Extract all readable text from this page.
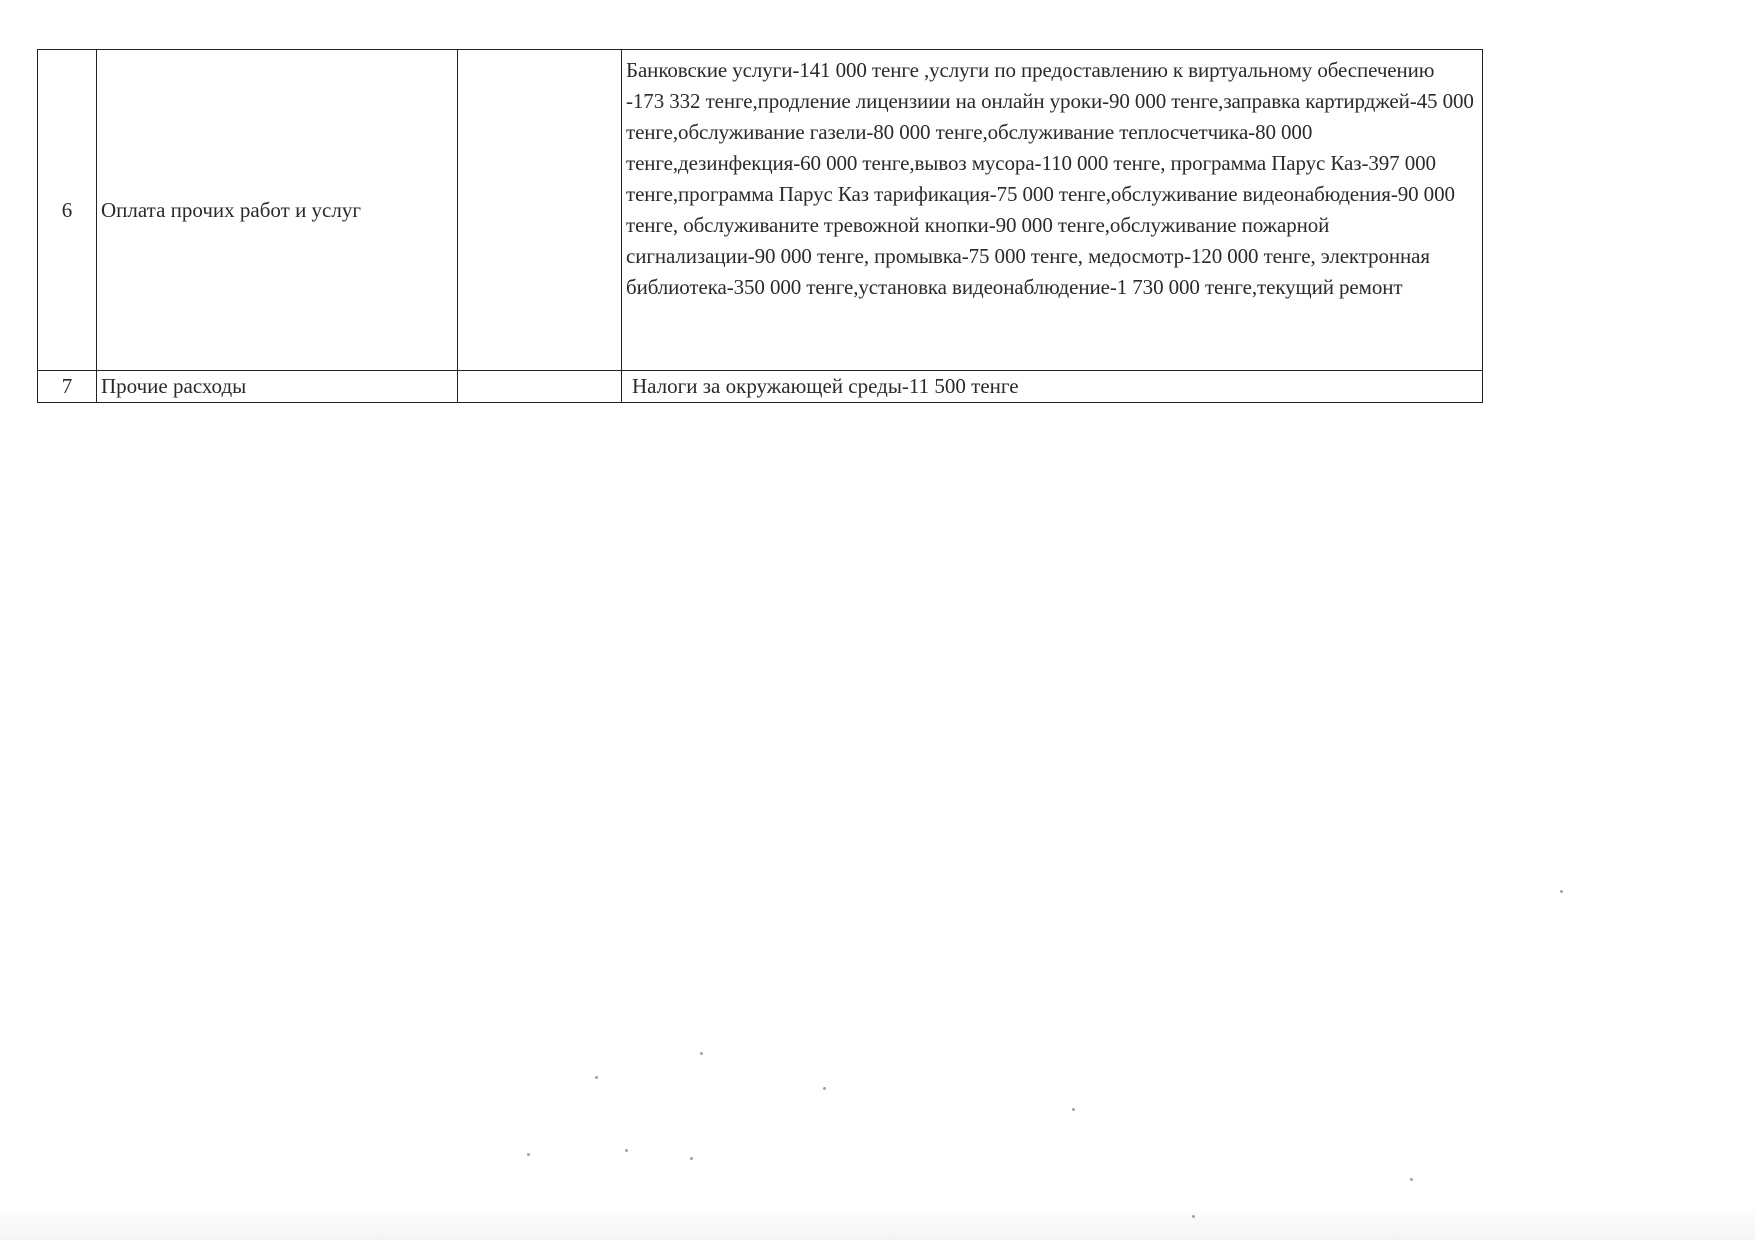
6	Оплата прочих работ и услуг		Банковские услуги-141 000 тенге ,услуги по предоставлению к виртуальному обеспечению -173 332 тенге,продление лицензиии на онлайн уроки-90 000 тенге,заправка картирджей-45 000 тенге,обслуживание газели-80 000 тенге,обслуживание теплосчетчика-80 000 тенге,дезинфекция-60 000 тенге,вывоз мусора-110 000 тенге, программа Парус Каз-397 000 тенге,программа Парус Каз тарификация-75 000 тенге,обслуживание видеонабюдения-90 000 тенге, обслуживаните тревожной кнопки-90 000 тенге,обслуживание пожарной сигнализации-90 000 тенге, промывка-75 000 тенге, медосмотр-120 000 тенге, электронная библиотека-350 000 тенге,установка видеонаблюдение-1 730 000 тенге,текущий ремонт

7	Прочие расходы		Налоги за окружающей среды-11 500 тенге
